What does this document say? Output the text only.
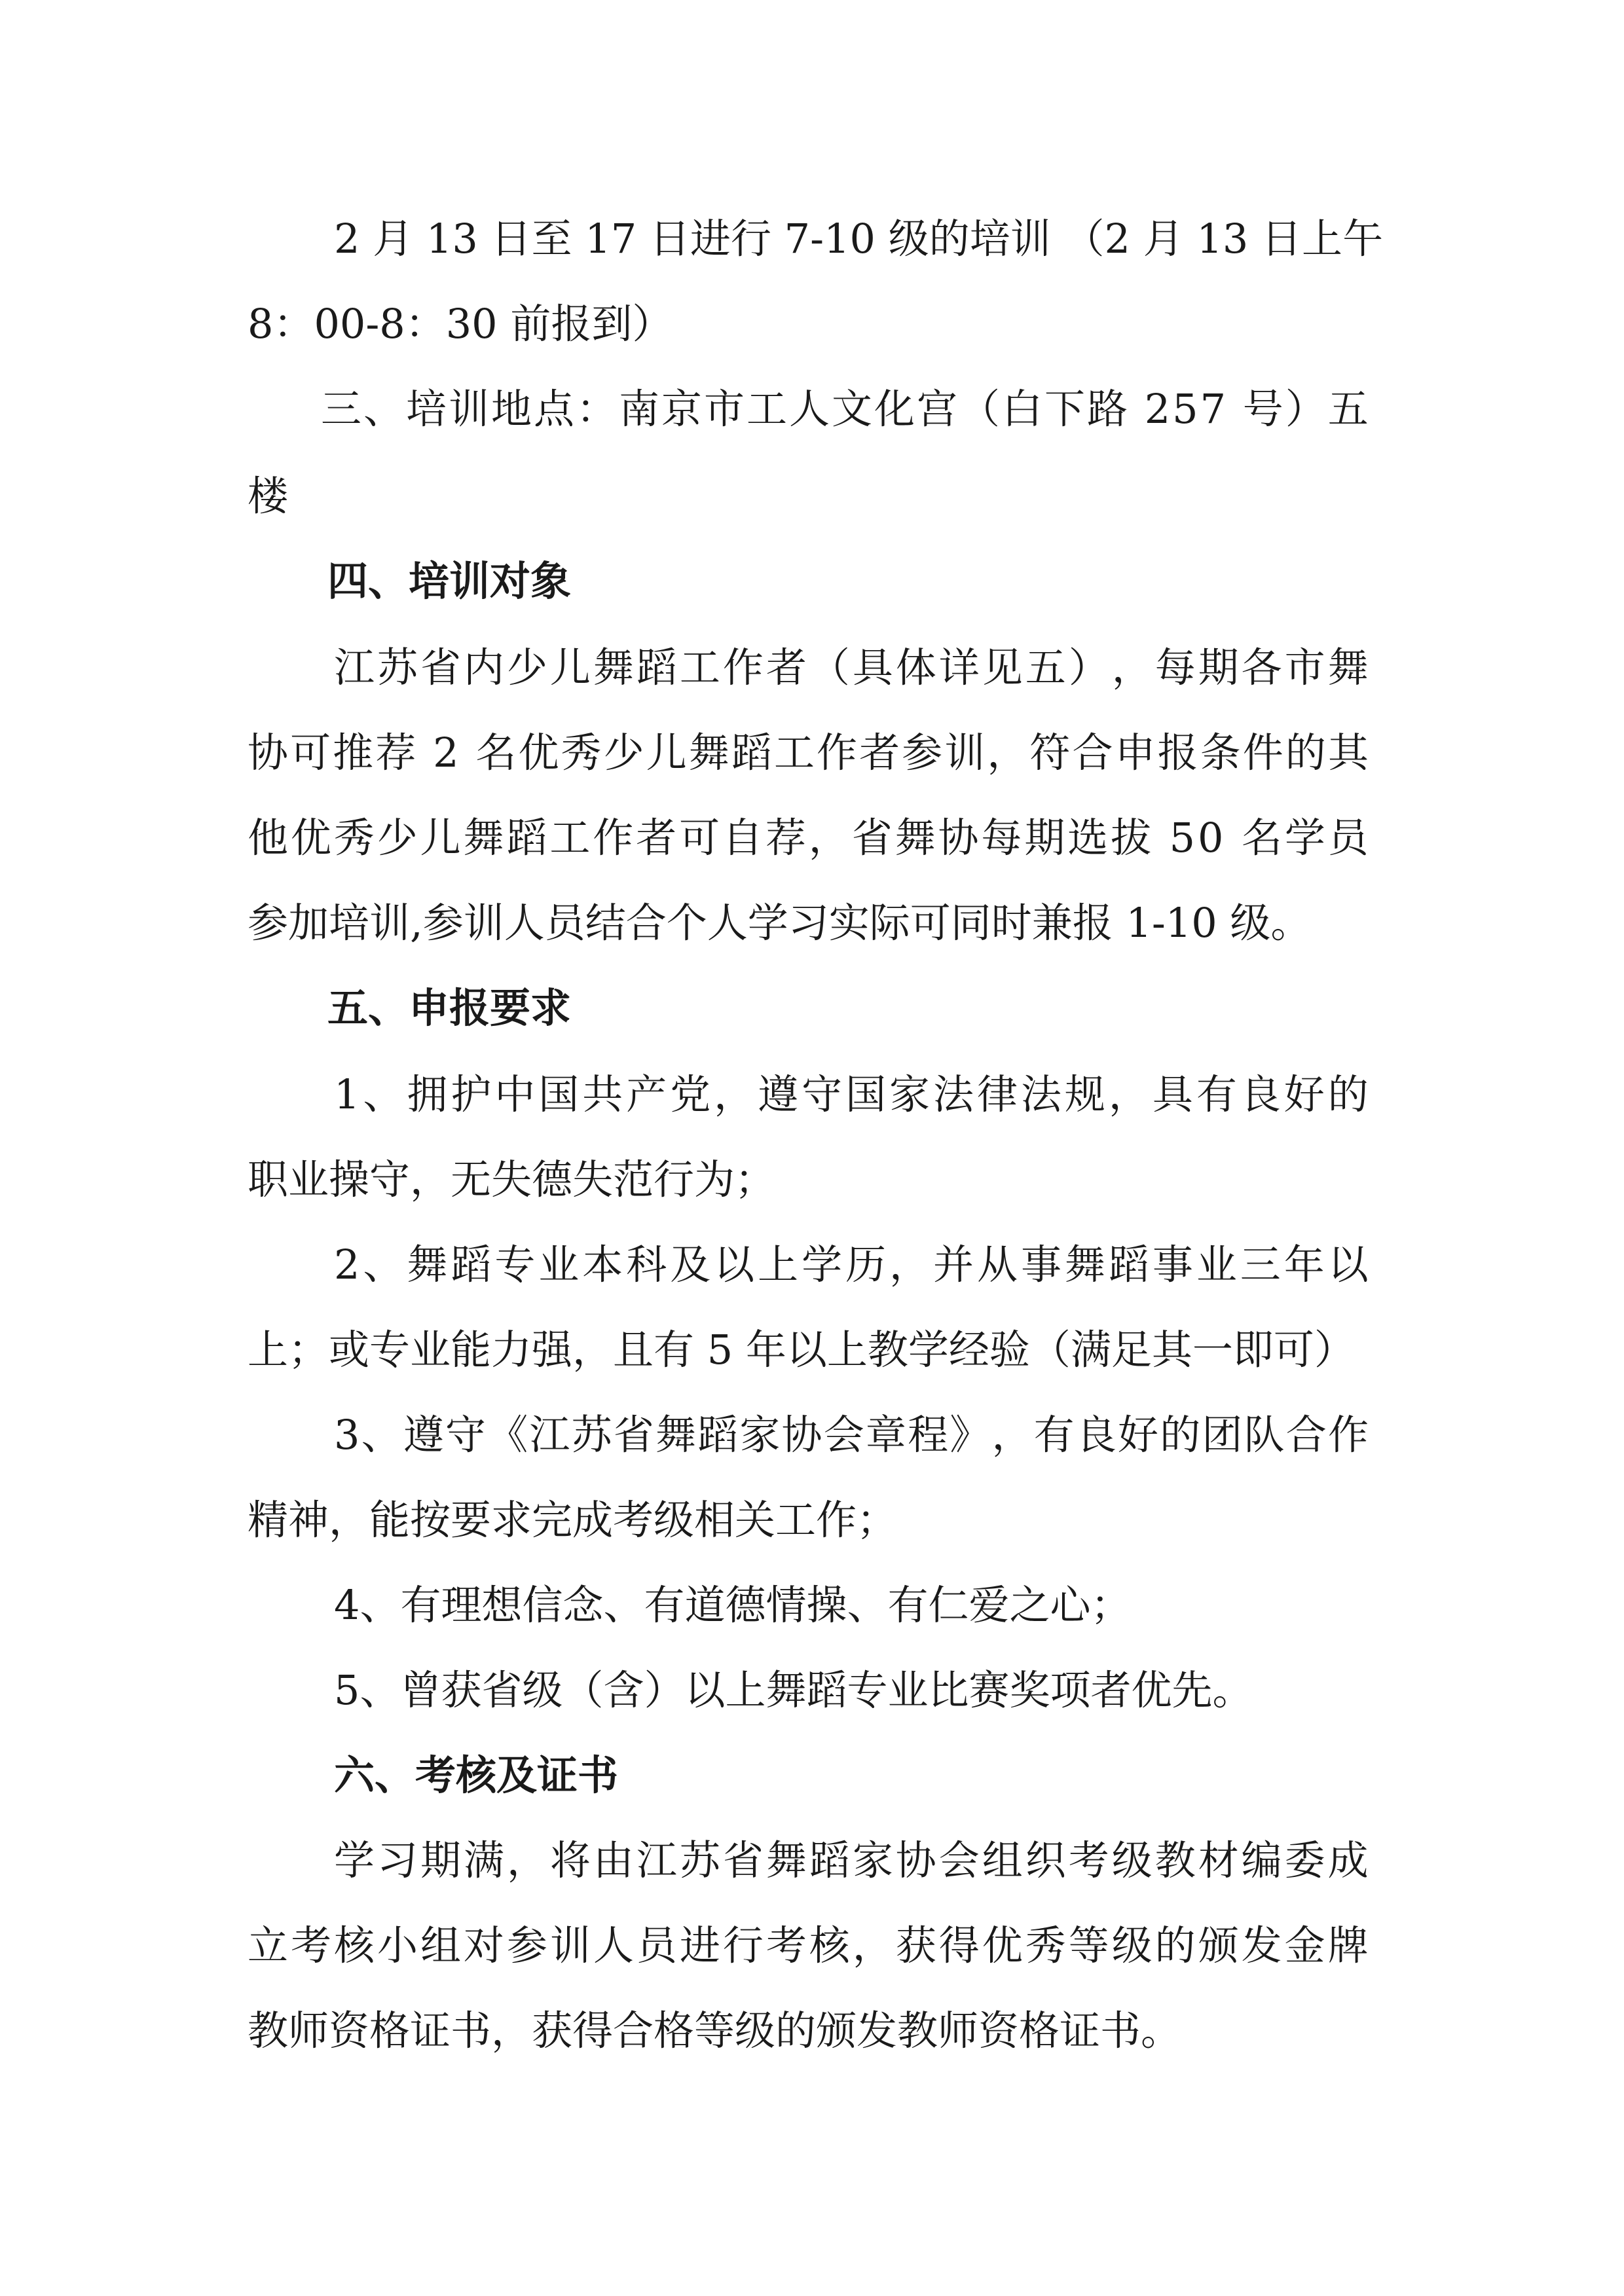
2
月
1 3
日 至
1 7
日 进 行
7 - 1 0
级 的 培 训
（ 2
月
1 3
日 上 午
8：00-8：30 前报到）
三 、 培 训 地 点 ： 南 京 市 工 人 文 化 宫 （ 白 下 路
2 5 7
号 ） 五
楼
四、培训对象
江 苏 省 内 少 儿 舞 蹈 工 作 者 （ 具 体 详 见 五 ） ， 每 期 各 市 舞
协 可 推 荐
2
名 优 秀 少 儿 舞 蹈 工 作 者 参 训 ， 符 合 申 报 条 件 的 其
他 优 秀 少 儿 舞 蹈 工 作 者 可 自 荐 ， 省 舞 协 每 期 选 拔
5 0
名 学 员
参加培训,参训人员结合个人学习实际可同时兼报 1-10 级。
五、申报要求
1 、 拥 护 中 国 共 产 党 ， 遵 守 国 家 法 律 法 规 ， 具 有 良 好 的
职业操守，无失德失范行为；
2 、 舞 蹈 专 业 本 科 及 以 上 学 历 ， 并 从 事 舞 蹈 事 业 三 年 以
上；或专业能力强，且有 5 年以上教学经验（满足其一即可）
3 、 遵 守 《 江 苏 省 舞 蹈 家 协 会 章 程 》 ， 有 良 好 的 团 队 合 作
精神，能按要求完成考级相关工作；
4、有理想信念、有道德情操、有仁爱之心；
5、曾获省级（含）以上舞蹈专业比赛奖项者优先。
六、考核及证书
学 习 期 满 ， 将 由 江 苏 省 舞 蹈 家 协 会 组 织 考 级 教 材 编 委 成
立 考 核 小 组 对 参 训 人 员 进 行 考 核 ， 获 得 优 秀 等 级 的 颁 发 金 牌
教师资格证书，获得合格等级的颁发教师资格证书。
